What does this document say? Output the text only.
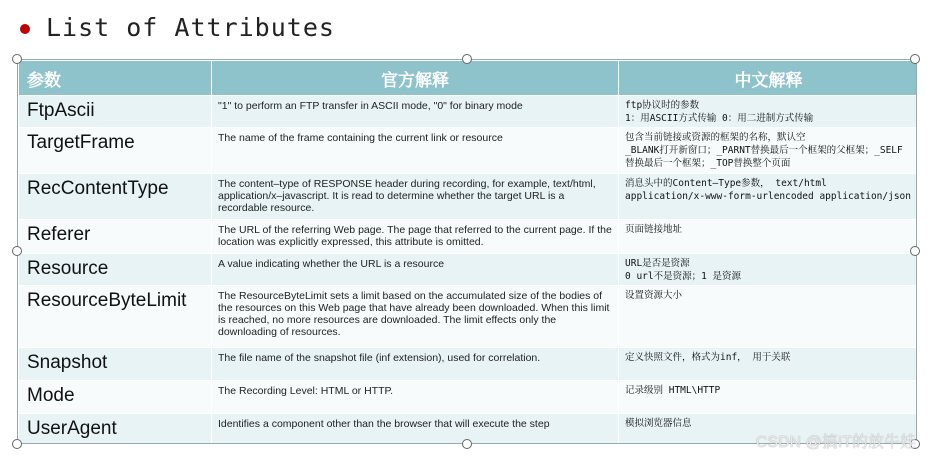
List of Attributes
参数	官方解释	中文解释
FtpAscii	"1" to perform an FTP transfer in ASCII mode, "0" for binary mode	ftp协议时的参数
1：用ASCII方式传输 0：用二进制方式传输
TargetFrame	The name of the frame containing the current link or resource	包含当前链接或资源的框架的名称，默认空
_BLANK打开新窗口；_PARNT替换最后一个框架的父框架；_SELF替换最后一个框架；_TOP替换整个页面
RecContentType	The content–type of RESPONSE header during recording, for example, text/html, application/x–javascript. It is read to determine whether the target URL is a recordable resource.	消息头中的Content–Type参数， text/html application/x-www-form-urlencoded application/json
Referer	The URL of the referring Web page. The page that referred to the current page. If the location was explicitly expressed, this attribute is omitted.	页面链接地址
Resource	A value indicating whether the URL is a resource	URL是否是资源
0 url不是资源；1 是资源
ResourceByteLimit	The ResourceByteLimit sets a limit based on the accumulated size of the bodies of the resources on this Web page that have already been downloaded. When this limit is reached, no more resources are downloaded. The limit effects only the downloading of resources.	设置资源大小
Snapshot	The file name of the snapshot file (inf extension), used for correlation.	定义快照文件，格式为inf， 用于关联
Mode	The Recording Level: HTML or HTTP.	记录级别 HTML\HTTP
UserAgent	Identifies a component other than the browser that will execute the step	模拟浏览器信息
CSDN @搞IT的放牛娃
